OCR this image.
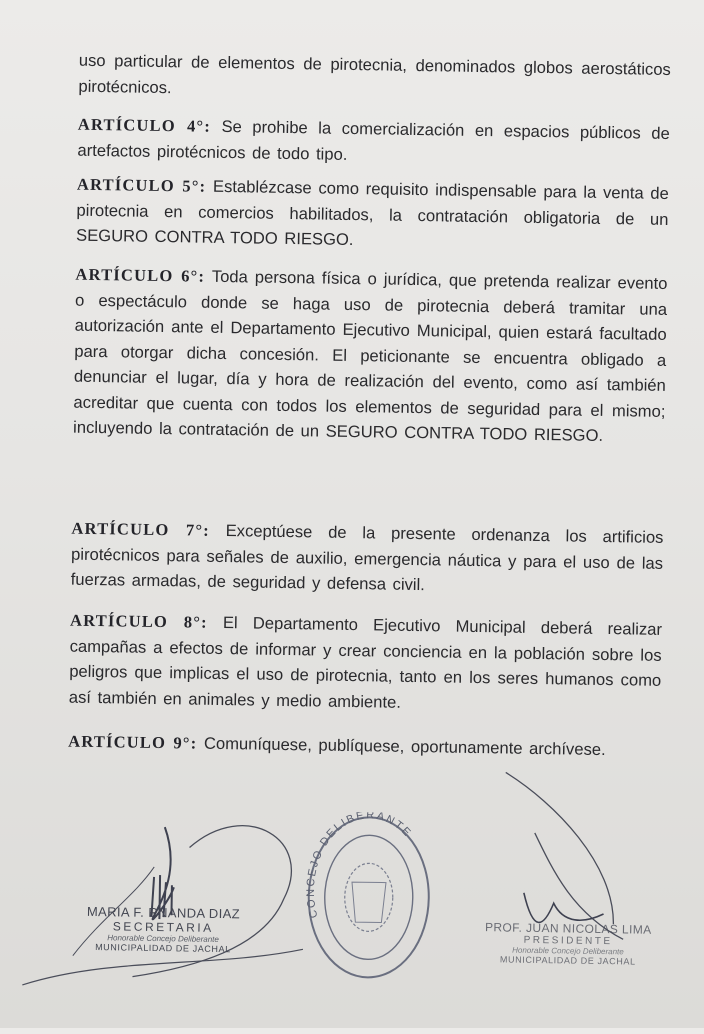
uso particular de elementos de pirotecnia, denominados globos aerostáticos pirotécnicos.
ARTÍCULO 4°: Se prohibe la comercialización en espacios públicos de artefactos pirotécnicos de todo tipo.
ARTÍCULO 5°: Establézcase como requisito indispensable para la venta de pirotecnia en comercios habilitados, la contratación obligatoria de un SEGURO CONTRA TODO RIESGO.
ARTÍCULO 6°: Toda persona física o jurídica, que pretenda realizar evento o espectáculo donde se haga uso de pirotecnia deberá tramitar una autorización ante el Departamento Ejecutivo Municipal, quien estará facultado para otorgar dicha concesión. El peticionante se encuentra obligado a denunciar el lugar, día y hora de realización del evento, como así también acreditar que cuenta con todos los elementos de seguridad para el mismo; incluyendo la contratación de un SEGURO CONTRA TODO RIESGO.
ARTÍCULO 7°: Exceptúese de la presente ordenanza los artificios pirotécnicos para señales de auxilio, emergencia náutica y para el uso de las fuerzas armadas, de seguridad y defensa civil.
ARTÍCULO 8°: El Departamento Ejecutivo Municipal deberá realizar campañas a efectos de informar y crear conciencia en la población sobre los peligros que implicas el uso de pirotecnia, tanto en los seres humanos como así también en animales y medio ambiente.
ARTÍCULO 9°: Comuníquese, publíquese, oportunamente archívese.
MARIA F. RNANDA DIAZ
SECRETARIA
Honorable Concejo Deliberante
MUNICIPALIDAD DE JACHAL
CONCEJO DELIBERANTE
PROF. JUAN NICOLAS LIMA
PRESIDENTE
Honorable Concejo Deliberante
MUNICIPALIDAD DE JACHAL
